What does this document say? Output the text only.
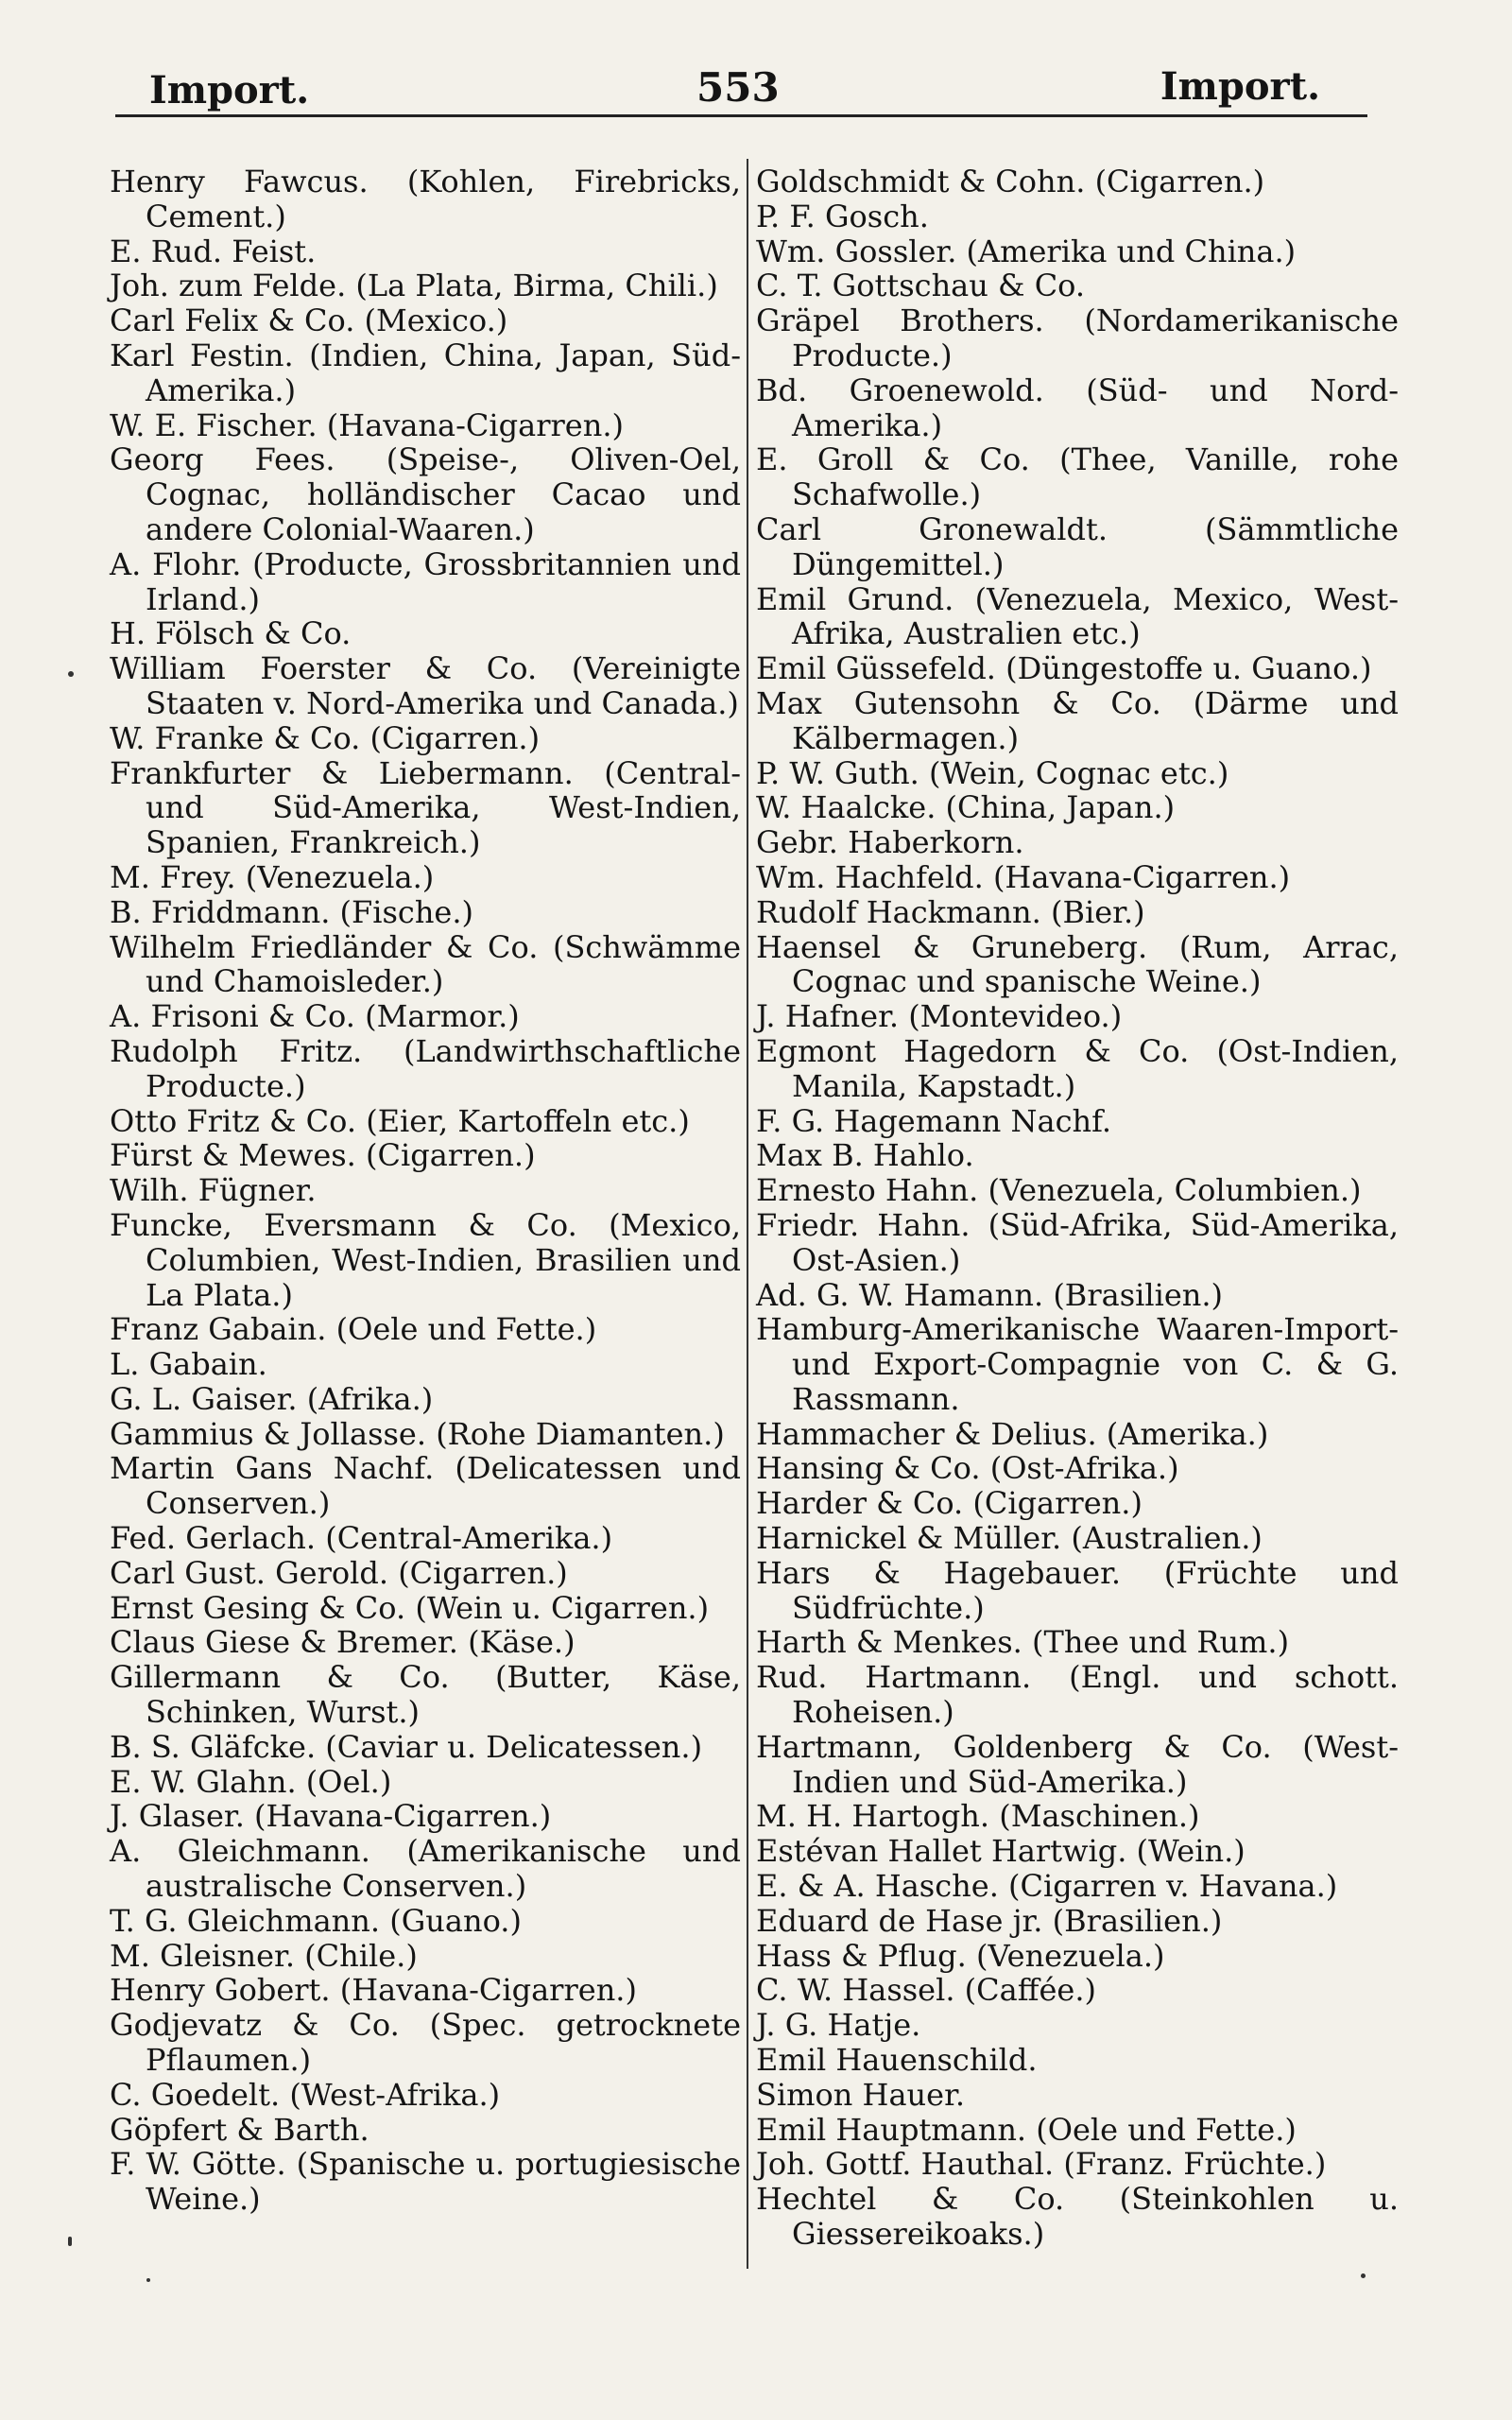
Import.	553	Import.

Henry Fawcus. (Kohlen, Firebricks, Cement.)

E. Rud. Feist.

Joh. zum Felde. (La Plata, Birma, Chili.)

Carl Felix & Co. (Mexico.)

Karl Festin. (Indien, China, Japan, Süd-Amerika.)

W. E. Fischer. (Havana-Cigarren.)

Georg Fees. (Speise-, Oliven-Oel, Cognac, holländischer Cacao und andere Colonial-Waaren.)

A. Flohr. (Producte, Grossbritannien und Irland.)

H. Fölsch & Co.

William Foerster & Co. (Vereinigte Staaten v. Nord-Amerika und Canada.)

W. Franke & Co. (Cigarren.)

Frankfurter & Liebermann. (Central- und Süd-Amerika, West-Indien, Spanien, Frankreich.)

M. Frey. (Venezuela.)

B. Friddmann. (Fische.)

Wilhelm Friedländer & Co. (Schwämme und Chamoisleder.)

A. Frisoni & Co. (Marmor.)

Rudolph Fritz. (Landwirthschaftliche Producte.)

Otto Fritz & Co. (Eier, Kartoffeln etc.)

Fürst & Mewes. (Cigarren.)

Wilh. Fügner.

Funcke, Eversmann & Co. (Mexico, Columbien, West-Indien, Brasilien und La Plata.)

Franz Gabain. (Oele und Fette.)

L. Gabain.

G. L. Gaiser. (Afrika.)

Gammius & Jollasse. (Rohe Diamanten.)

Martin Gans Nachf. (Delicatessen und Conserven.)

Fed. Gerlach. (Central-Amerika.)

Carl Gust. Gerold. (Cigarren.)

Ernst Gesing & Co. (Wein u. Cigarren.)

Claus Giese & Bremer. (Käse.)

Gillermann & Co. (Butter, Käse, Schinken, Wurst.)

B. S. Gläfcke. (Caviar u. Delicatessen.)

E. W. Glahn. (Oel.)

J. Glaser. (Havana-Cigarren.)

A. Gleichmann. (Amerikanische und australische Conserven.)

T. G. Gleichmann. (Guano.)

M. Gleisner. (Chile.)

Henry Gobert. (Havana-Cigarren.)

Godjevatz & Co. (Spec. getrocknete Pflaumen.)

C. Goedelt. (West-Afrika.)

Göpfert & Barth.

F. W. Götte. (Spanische u. portugiesische Weine.)

Goldschmidt & Cohn. (Cigarren.)

P. F. Gosch.

Wm. Gossler. (Amerika und China.)

C. T. Gottschau & Co.

Gräpel Brothers. (Nordamerikanische Producte.)

Bd. Groenewold. (Süd- und Nord-Amerika.)

E. Groll & Co. (Thee, Vanille, rohe Schafwolle.)

Carl Gronewaldt. (Sämmtliche Düngemittel.)

Emil Grund. (Venezuela, Mexico, West-Afrika, Australien etc.)

Emil Güssefeld. (Düngestoffe u. Guano.)

Max Gutensohn & Co. (Därme und Kälbermagen.)

P. W. Guth. (Wein, Cognac etc.)

W. Haalcke. (China, Japan.)

Gebr. Haberkorn.

Wm. Hachfeld. (Havana-Cigarren.)

Rudolf Hackmann. (Bier.)

Haensel & Gruneberg. (Rum, Arrac, Cognac und spanische Weine.)

J. Hafner. (Montevideo.)

Egmont Hagedorn & Co. (Ost-Indien, Manila, Kapstadt.)

F. G. Hagemann Nachf.

Max B. Hahlo.

Ernesto Hahn. (Venezuela, Columbien.)

Friedr. Hahn. (Süd-Afrika, Süd-Amerika, Ost-Asien.)

Ad. G. W. Hamann. (Brasilien.)

Hamburg-Amerikanische Waaren-Import- und Export-Compagnie von C. & G. Rassmann.

Hammacher & Delius. (Amerika.)

Hansing & Co. (Ost-Afrika.)

Harder & Co. (Cigarren.)

Harnickel & Müller. (Australien.)

Hars & Hagebauer. (Früchte und Südfrüchte.)

Harth & Menkes. (Thee und Rum.)

Rud. Hartmann. (Engl. und schott. Roheisen.)

Hartmann, Goldenberg & Co. (West-Indien und Süd-Amerika.)

M. H. Hartogh. (Maschinen.)

Estévan Hallet Hartwig. (Wein.)

E. & A. Hasche. (Cigarren v. Havana.)

Eduard de Hase jr. (Brasilien.)

Hass & Pflug. (Venezuela.)

C. W. Hassel. (Caffée.)

J. G. Hatje.

Emil Hauenschild.

Simon Hauer.

Emil Hauptmann. (Oele und Fette.)

Joh. Gottf. Hauthal. (Franz. Früchte.)

Hechtel & Co. (Steinkohlen u. Giessereikoaks.)
